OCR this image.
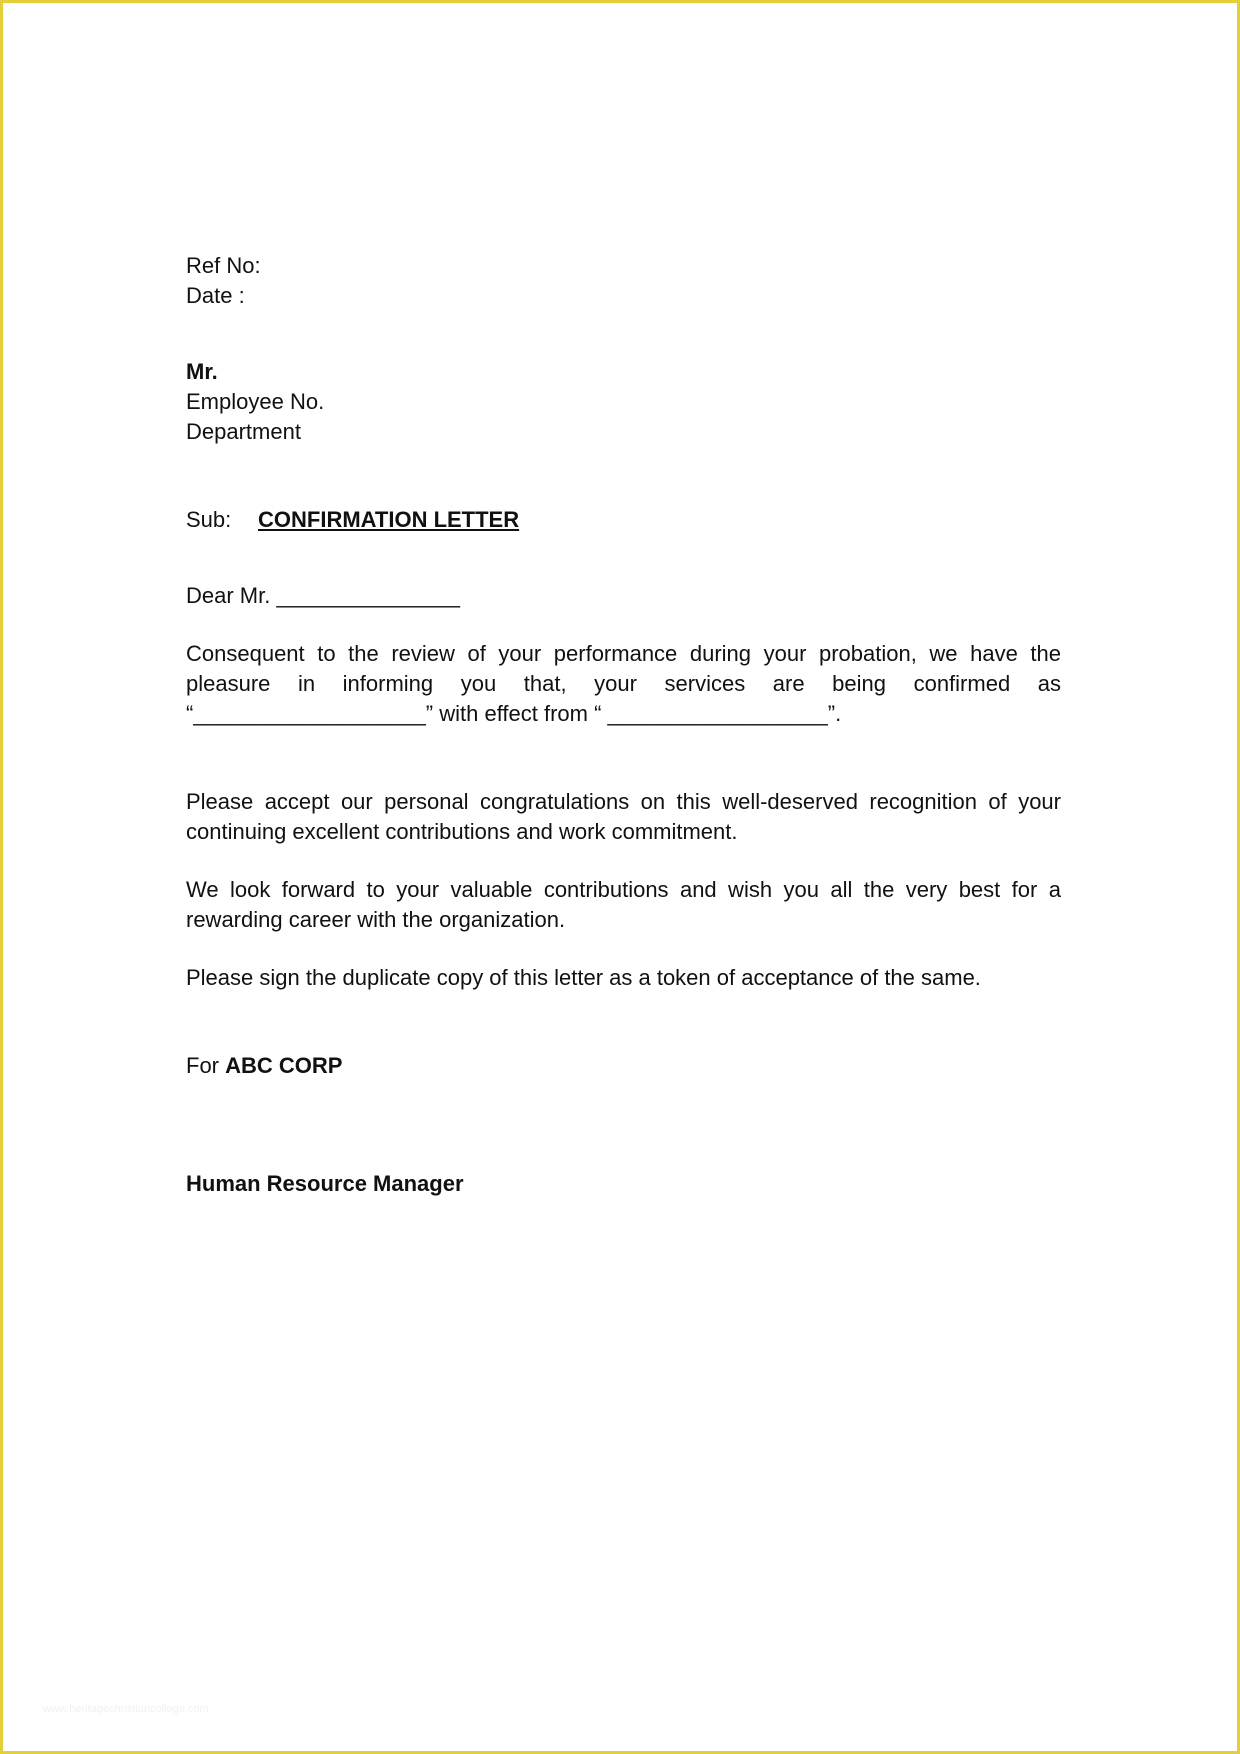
Ref No:
Date :
Mr.
Employee No.
Department
Sub:	CONFIRMATION LETTER
Dear Mr. _______________
Consequent to the review of your performance during your probation, we have the
pleasure in informing you that, your services are being confirmed as
“___________________” with effect from “ __________________”.

Please accept our personal congratulations on this well-deserved recognition of your continuing excellent contributions and work commitment.

We look forward to your valuable contributions and wish you all the very best for a rewarding career with the organization.

Please sign the duplicate copy of this letter as a token of acceptance of the same.

For ABC CORP
Human Resource Manager
www.heritagechristiancollege.com
